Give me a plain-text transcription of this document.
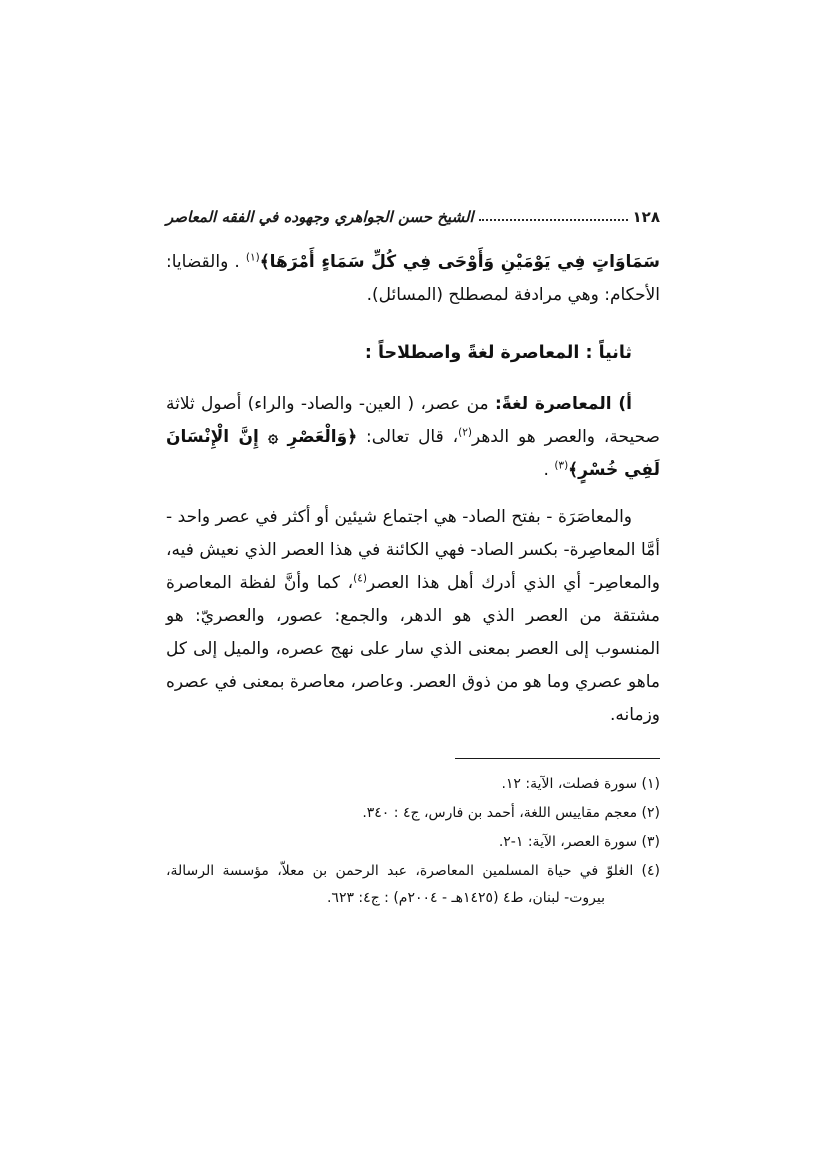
١٢٨
الشيخ حسن الجواهري وجهوده في الفقه المعاصر

سَمَاوَاتٍ فِي يَوْمَيْنِ وَأَوْحَى فِي كُلِّ سَمَاءٍ أَمْرَهَا﴾$^{(١)}$ . والقضايا: الأحكام: وهي مرادفة لمصطلح (المسائل).

ثانياً : المعاصرة لغةً واصطلاحاً :

أ) المعاصرة لغةً: من عصر، ( العين- والصاد- والراء) أصول ثلاثة صحيحة، والعصر هو الدهر$^{(٢)}$، قال تعالى: ﴿وَالْعَصْرِ ۞ إِنَّ الْإِنْسَانَ لَفِي خُسْرٍ﴾$^{(٣)}$ .

والمعاصَرَة - بفتح الصاد- هي اجتماع شيئين أو أكثر في عصر واحد - أمَّا المعاصِرة- بكسر الصاد- فهي الكائنة في هذا العصر الذي نعيش فيه، والمعاصِر- أي الذي أدرك أهل هذا العصر$^{(٤)}$، كما وأنَّ لفظة المعاصرة مشتقة من العصر الذي هو الدهر، والجمع: عصور، والعصريّ: هو المنسوب إلى العصر بمعنى الذي سار على نهج عصره، والميل إلى كل ماهو عصري وما هو من ذوق العصر. وعاصر، معاصرة بمعنى في عصره وزمانه.

(١) سورة فصلت، الآية: ١٢.

(٢) معجم مقاييس اللغة، أحمد بن فارس، ج٤ : ٣٤٠.

(٣) سورة العصر، الآية: ١-٢.

(٤) الغلوّ في حياة المسلمين المعاصرة، عبد الرحمن بن معلاّ، مؤسسة الرسالة، بيروت- لبنان، ط٤ (١٤٢٥هـ - ٢٠٠٤م) : ج٤: ٦٢٣.
